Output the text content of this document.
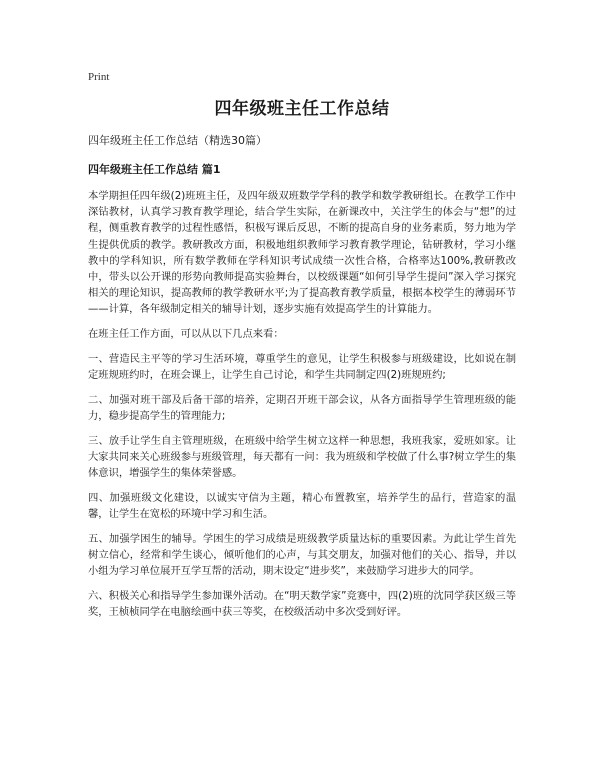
Print
四年级班主任工作总结
四年级班主任工作总结（精选30篇）
四年级班主任工作总结 篇1
本学期担任四年级(2)班班主任，及四年级双班数学学科的教学和数学教研组长。在教学工作中深钻教材，认真学习教育教学理论，结合学生实际，在新课改中，关注学生的体会与“想”的过程，侧重教育教学的过程性感悟，积极写课后反思，不断的提高自身的业务素质，努力地为学生提供优质的教学。教研教改方面，积极地组织教师学习教育教学理论，钻研教材，学习小继教中的学科知识，所有数学教师在学科知识考试成绩一次性合格，合格率达100%,教研教改中，带头以公开课的形势向教师提高实验舞台，以校级课题“如何引导学生提问”深入学习探究相关的理论知识，提高教师的教学教研水平;为了提高教育教学质量，根据本校学生的薄弱环节——计算，各年级制定相关的辅导计划，逐步实施有效提高学生的计算能力。
在班主任工作方面，可以从以下几点来看：
一、营造民主平等的学习生活环境，尊重学生的意见，让学生积极参与班级建设，比如说在制定班规班约时，在班会课上，让学生自己讨论，和学生共同制定四(2)班规班约;
二、加强对班干部及后备干部的培养，定期召开班干部会议，从各方面指导学生管理班级的能力，稳步提高学生的管理能力;
三、放手让学生自主管理班级，在班级中给学生树立这样一种思想，我班我家，爱班如家。让大家共同来关心班级参与班级管理，每天都有一问：我为班级和学校做了什么事?树立学生的集体意识，增强学生的集体荣誉感。
四、加强班级文化建设，以诚实守信为主题，精心布置教室，培养学生的品行，营造家的温馨，让学生在宽松的环境中学习和生活。
五、加强学困生的辅导。学困生的学习成绩是班级教学质量达标的重要因素。为此让学生首先树立信心，经常和学生谈心，倾听他们的心声，与其交朋友，加强对他们的关心、指导，并以小组为学习单位展开互学互帮的活动，期末设定“进步奖”，来鼓励学习进步大的同学。
六、积极关心和指导学生参加课外活动。在“明天数学家”竞赛中，四(2)班的沈同学获区级三等奖，王桢桢同学在电脑绘画中获三等奖，在校级活动中多次受到好评。
